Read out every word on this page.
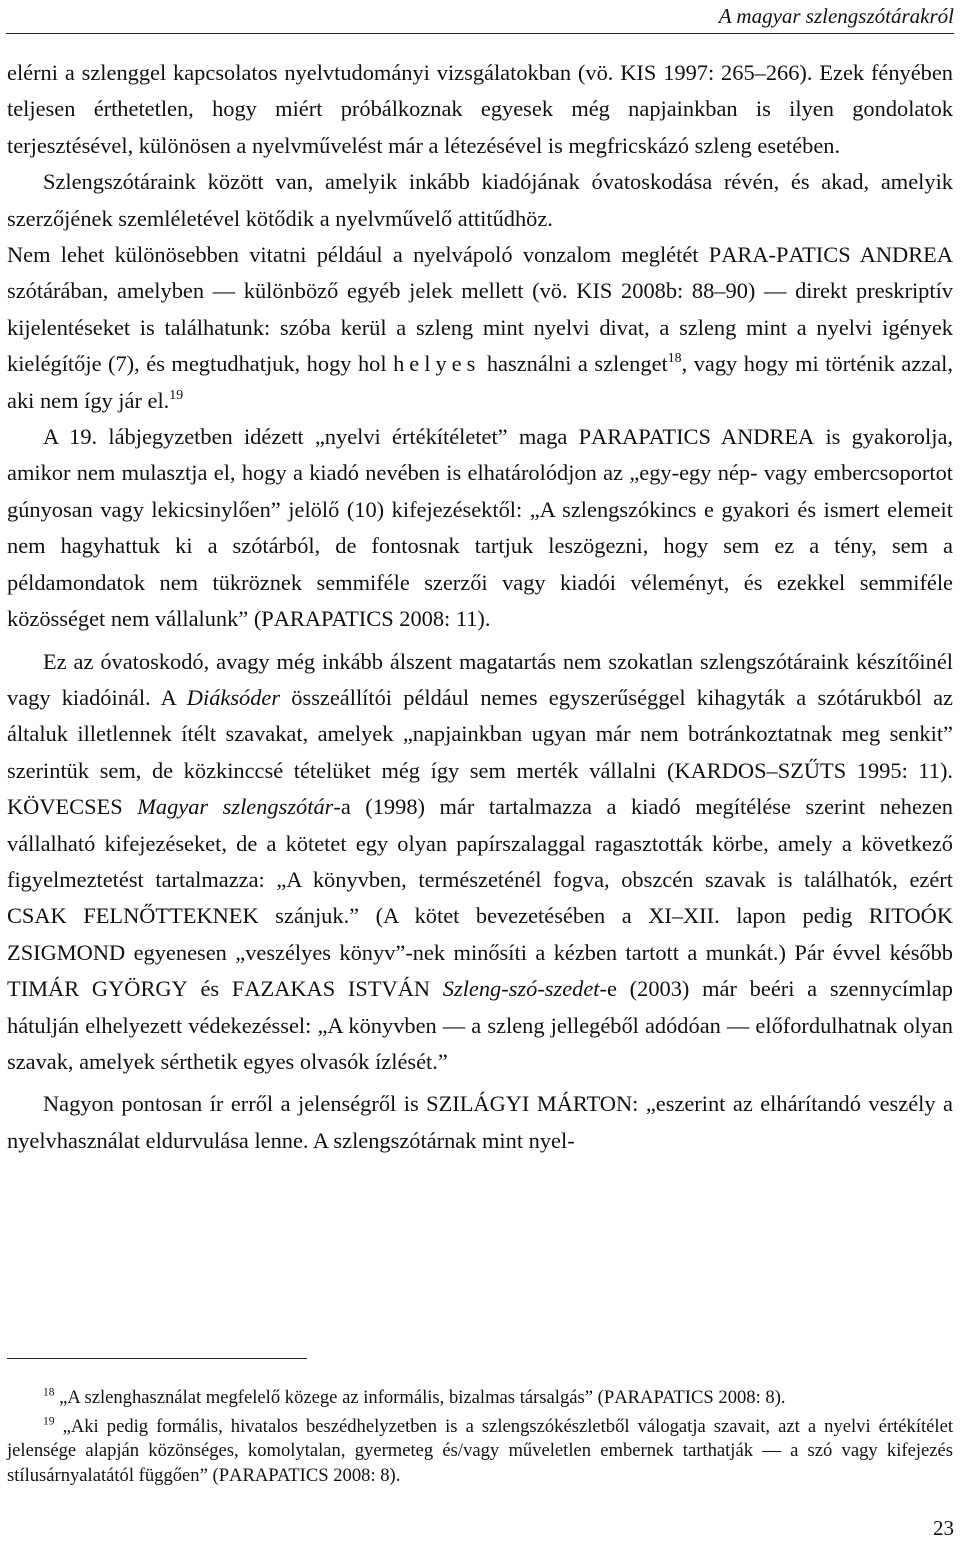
A magyar szlengszótárakról

elérni a szlenggel kapcsolatos nyelvtudományi vizsgálatokban (vö. KIS 1997: 265–266). Ezek fényében teljesen érthetetlen, hogy miért próbálkoznak egyesek még napjainkban is ilyen gondolatok terjesztésével, különösen a nyelvművelést már a létezésével is megfricskázó szleng esetében.

Szlengszótáraink között van, amelyik inkább kiadójának óvatoskodása révén, és akad, amelyik szerzőjének szemléletével kötődik a nyelvművelő attitűdhöz.

Nem lehet különösebben vitatni például a nyelvápoló vonzalom meglétét PARA-PATICS ANDREA szótárában, amelyben — különböző egyéb jelek mellett (vö. KIS 2008b: 88–90) — direkt preskriptív kijelentéseket is találhatunk: szóba kerül a szleng mint nyelvi divat, a szleng mint a nyelvi igények kielégítője (7), és megtudhatjuk, hogy hol helyes használni a szlenget$^{18}$, vagy hogy mi történik azzal, aki nem így jár el.$^{19}$

A 19. lábjegyzetben idézett „nyelvi értékítéletet” maga PARAPATICS ANDREA is gyakorolja, amikor nem mulasztja el, hogy a kiadó nevében is elhatárolódjon az „egy-egy nép- vagy embercsoportot gúnyosan vagy lekicsinylően” jelölő (10) kifejezésektől: „A szlengszókincs e gyakori és ismert elemeit nem hagyhattuk ki a szótárból, de fontosnak tartjuk leszögezni, hogy sem ez a tény, sem a példamondatok nem tükröznek semmiféle szerzői vagy kiadói véleményt, és ezekkel semmiféle közösséget nem vállalunk” (PARAPATICS 2008: 11).

Ez az óvatoskodó, avagy még inkább álszent magatartás nem szokatlan szlengszótáraink készítőinél vagy kiadóinál. A Diáksóder összeállítói például nemes egyszerűséggel kihagyták a szótárukból az általuk illetlennek ítélt szavakat, amelyek „napjainkban ugyan már nem botránkoztatnak meg senkit” szerintük sem, de közkinccsé tételüket még így sem merték vállalni (KARDOS–SZŰTS 1995: 11). KÖVECSES Magyar szlengszótár-a (1998) már tartalmazza a kiadó megítélése szerint nehezen vállalható kifejezéseket, de a kötetet egy olyan papírszalaggal ragasztották körbe, amely a következő figyelmeztetést tartalmazza: „A könyvben, természeténél fogva, obszcén szavak is találhatók, ezért CSAK FELNŐTTEKNEK szánjuk.” (A kötet bevezetésében a XI–XII. lapon pedig RITOÓK ZSIGMOND egyenesen „veszélyes könyv”-nek minősíti a kézben tartott a munkát.) Pár évvel később TIMÁR GYÖRGY és FAZAKAS ISTVÁN Szleng-szó-szedet-e (2003) már beéri a szennycímlap hátulján elhelyezett védekezéssel: „A könyvben — a szleng jellegéből adódóan — előfordulhatnak olyan szavak, amelyek sérthetik egyes olvasók ízlését.”

Nagyon pontosan ír erről a jelenségről is SZILÁGYI MÁRTON: „eszerint az elhárítandó veszély a nyelvhasználat eldurvulása lenne. A szlengszótárnak mint nyel-

$^{18}$ „A szlenghasználat megfelelő közege az informális, bizalmas társalgás” (PARAPATICS 2008: 8).

$^{19}$ „Aki pedig formális, hivatalos beszédhelyzetben is a szlengszókészletből válogatja szavait, azt a nyelvi értékítélet jelensége alapján közönséges, komolytalan, gyermeteg és/vagy műveletlen embernek tarthatják — a szó vagy kifejezés stílusárnyalatától függően” (PARAPATICS 2008: 8).

23
